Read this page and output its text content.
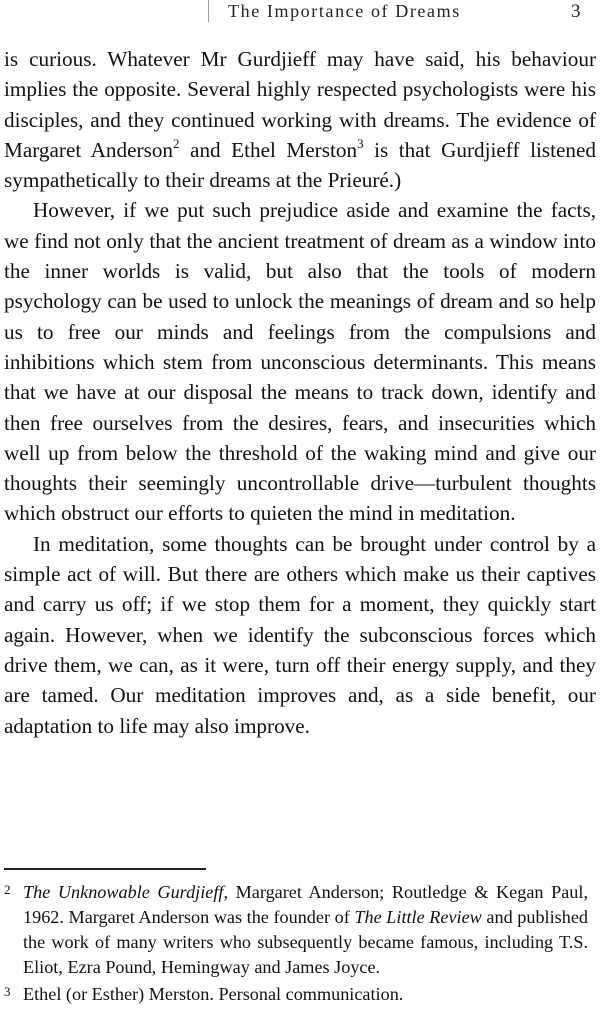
The Importance of Dreams	3

is curious. Whatever Mr Gurdjieff may have said, his behaviour implies the opposite. Several highly respected psychologists were his disciples, and they continued working with dreams. The evidence of Margaret Anderson$^2$ and Ethel Merston$^3$ is that Gurdjieff listened sympathetically to their dreams at the Prieuré.)

However, if we put such prejudice aside and examine the facts, we find not only that the ancient treatment of dream as a window into the inner worlds is valid, but also that the tools of modern psychology can be used to unlock the meanings of dream and so help us to free our minds and feelings from the compulsions and inhibitions which stem from unconscious determinants. This means that we have at our disposal the means to track down, identify and then free ourselves from the desires, fears, and insecurities which well up from below the threshold of the waking mind and give our thoughts their seemingly uncontrollable drive—turbulent thoughts which obstruct our efforts to quieten the mind in meditation.

In meditation, some thoughts can be brought under control by a simple act of will. But there are others which make us their captives and carry us off; if we stop them for a moment, they quickly start again. However, when we identify the subconscious forces which drive them, we can, as it were, turn off their energy supply, and they are tamed. Our meditation improves and, as a side benefit, our adaptation to life may also improve.

2 The Unknowable Gurdjieff, Margaret Anderson; Routledge & Kegan Paul, 1962. Margaret Anderson was the founder of The Little Review and published the work of many writers who subsequently became famous, including T.S. Eliot, Ezra Pound, Hemingway and James Joyce.
3 Ethel (or Esther) Merston. Personal communication.
